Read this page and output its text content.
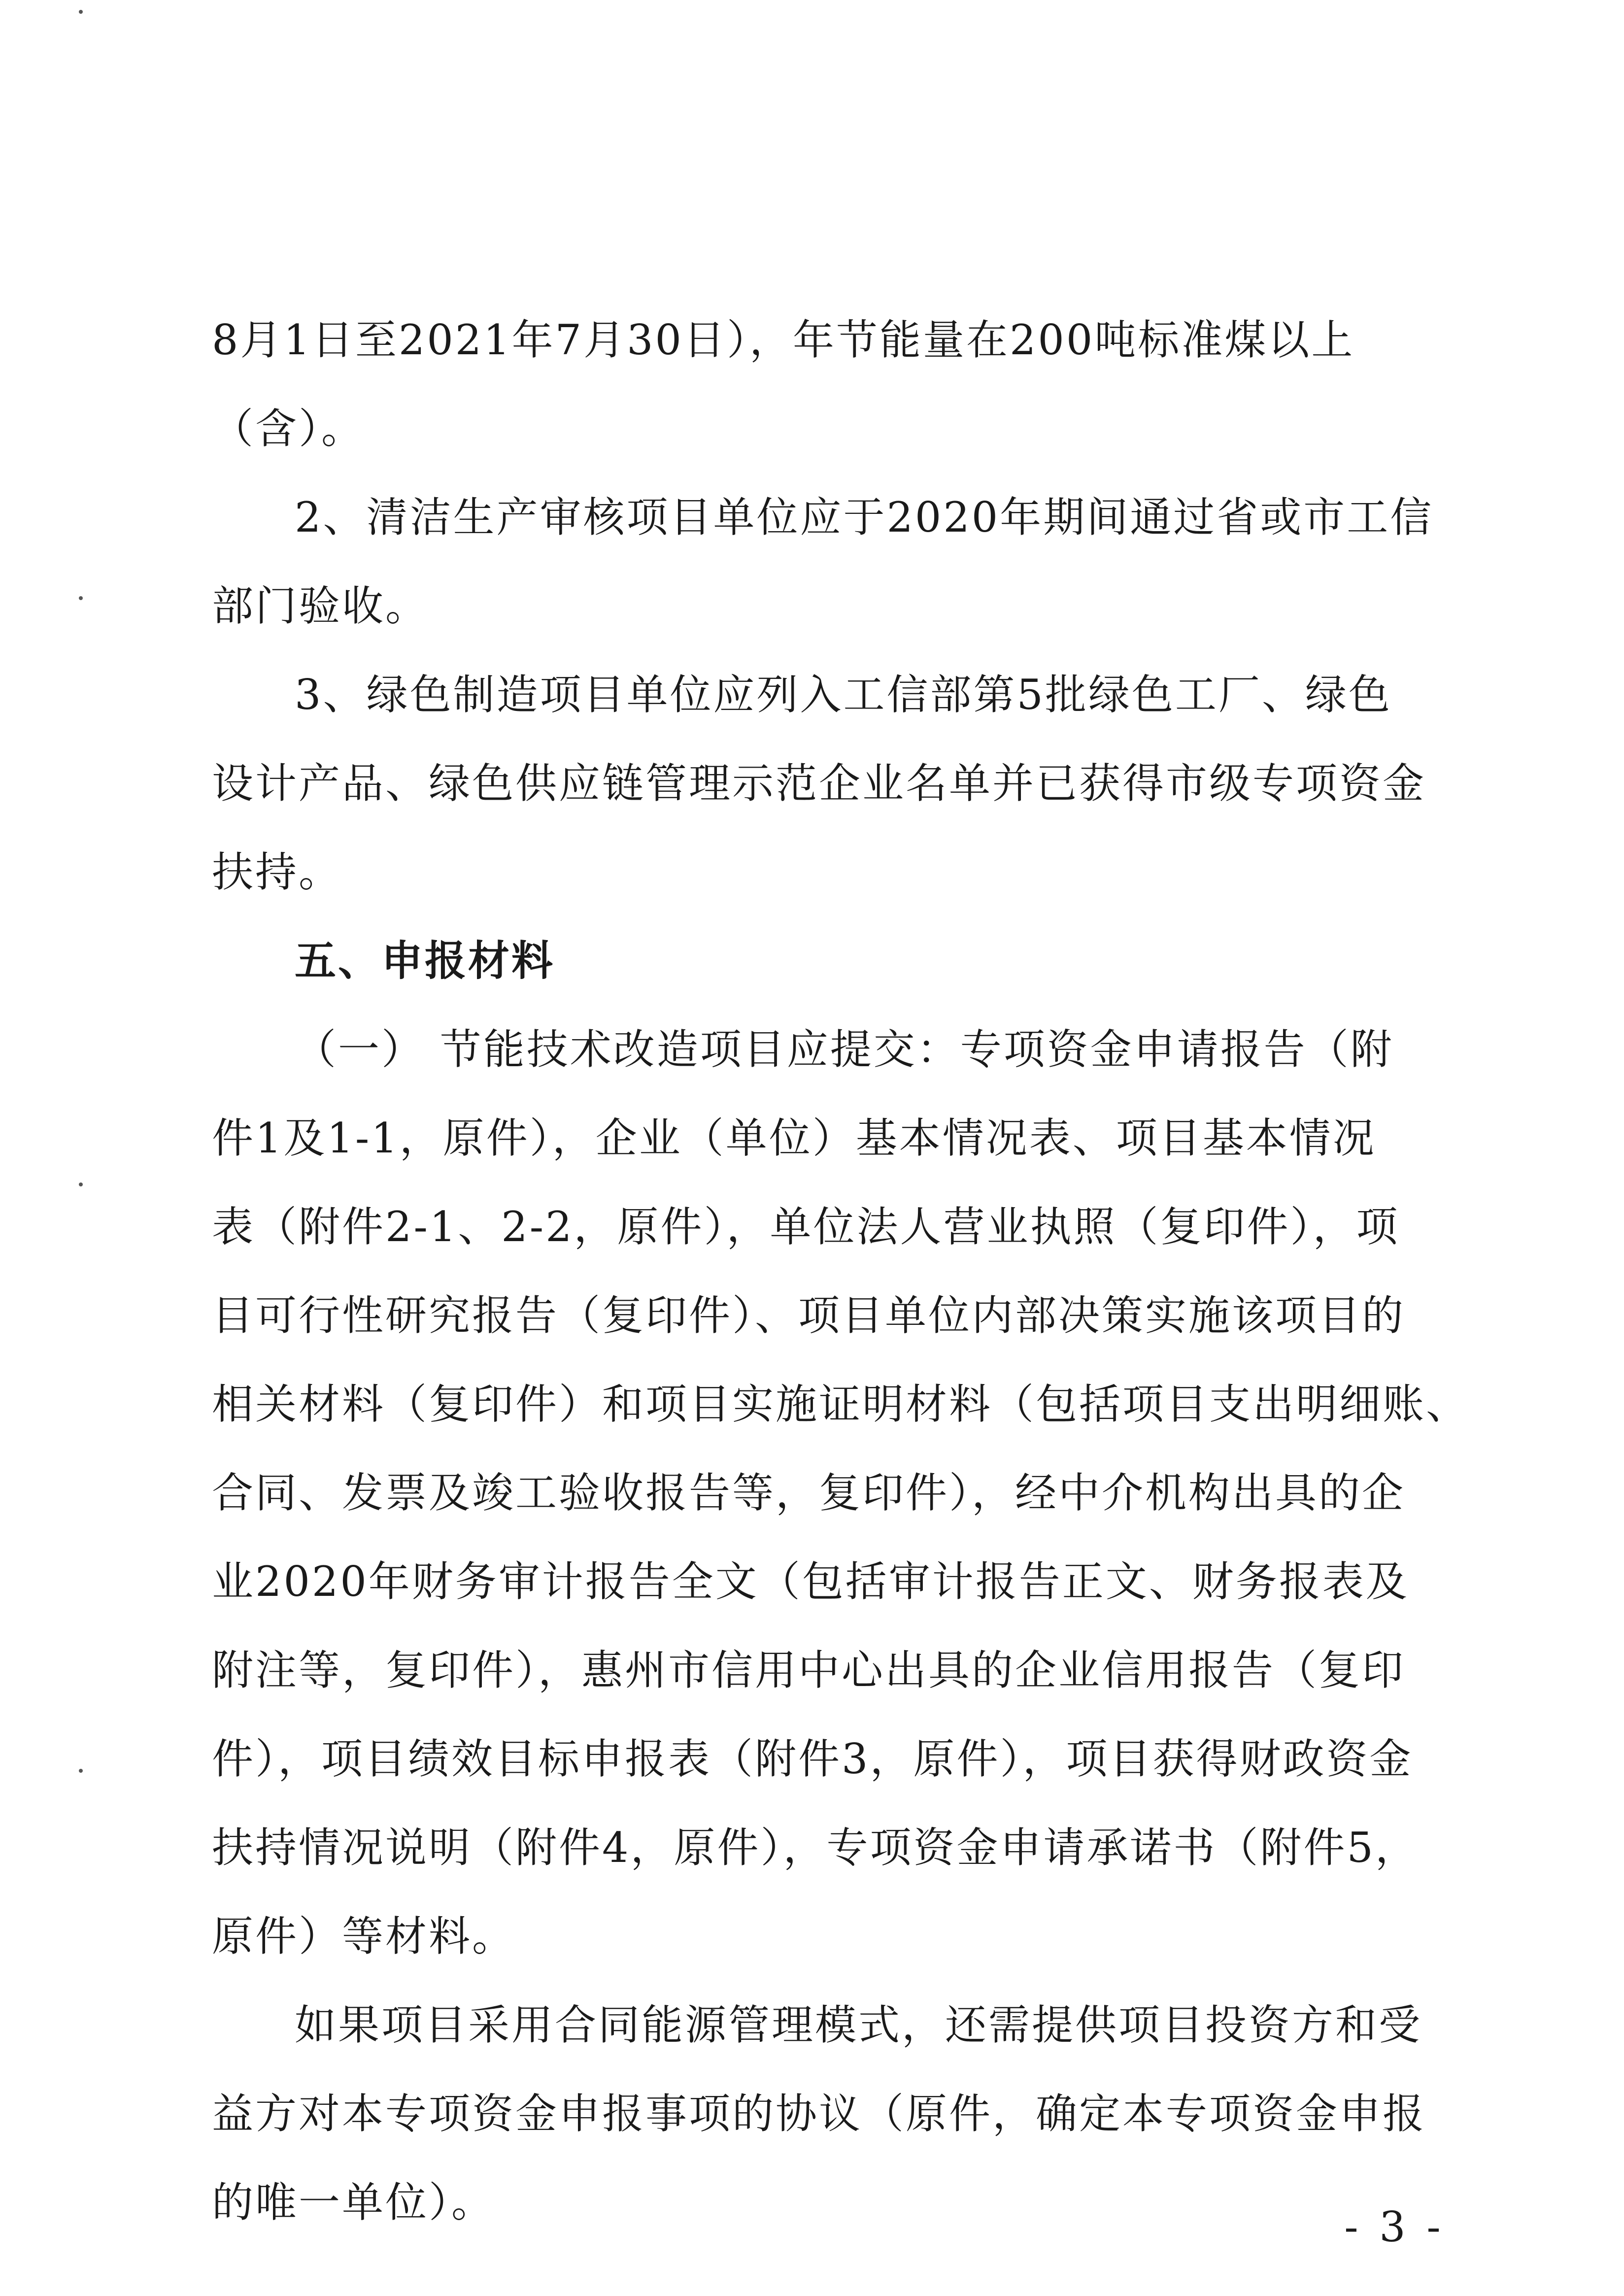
8月1日至2021年7月30日），年节能量在200吨标准煤以上
（含）。
2、清洁生产审核项目单位应于2020年期间通过省或市工信
部门验收。
3、绿色制造项目单位应列入工信部第5批绿色工厂、绿色
设计产品、绿色供应链管理示范企业名单并已获得市级专项资金
扶持。
五、申报材料
（一） 节能技术改造项目应提交：专项资金申请报告（附
件1及1-1，原件），企业（单位）基本情况表、项目基本情况
表（附件2-1、2-2，原件），单位法人营业执照（复印件），项
目可行性研究报告（复印件）、项目单位内部决策实施该项目的
相关材料（复印件）和项目实施证明材料（包括项目支出明细账、
合同、发票及竣工验收报告等，复印件），经中介机构出具的企
业2020年财务审计报告全文（包括审计报告正文、财务报表及
附注等，复印件），惠州市信用中心出具的企业信用报告（复印
件），项目绩效目标申报表（附件3，原件），项目获得财政资金
扶持情况说明（附件4，原件），专项资金申请承诺书（附件5，
原件）等材料。
如果项目采用合同能源管理模式，还需提供项目投资方和受
益方对本专项资金申报事项的协议（原件，确定本专项资金申报
的唯一单位）。
- 3 -
